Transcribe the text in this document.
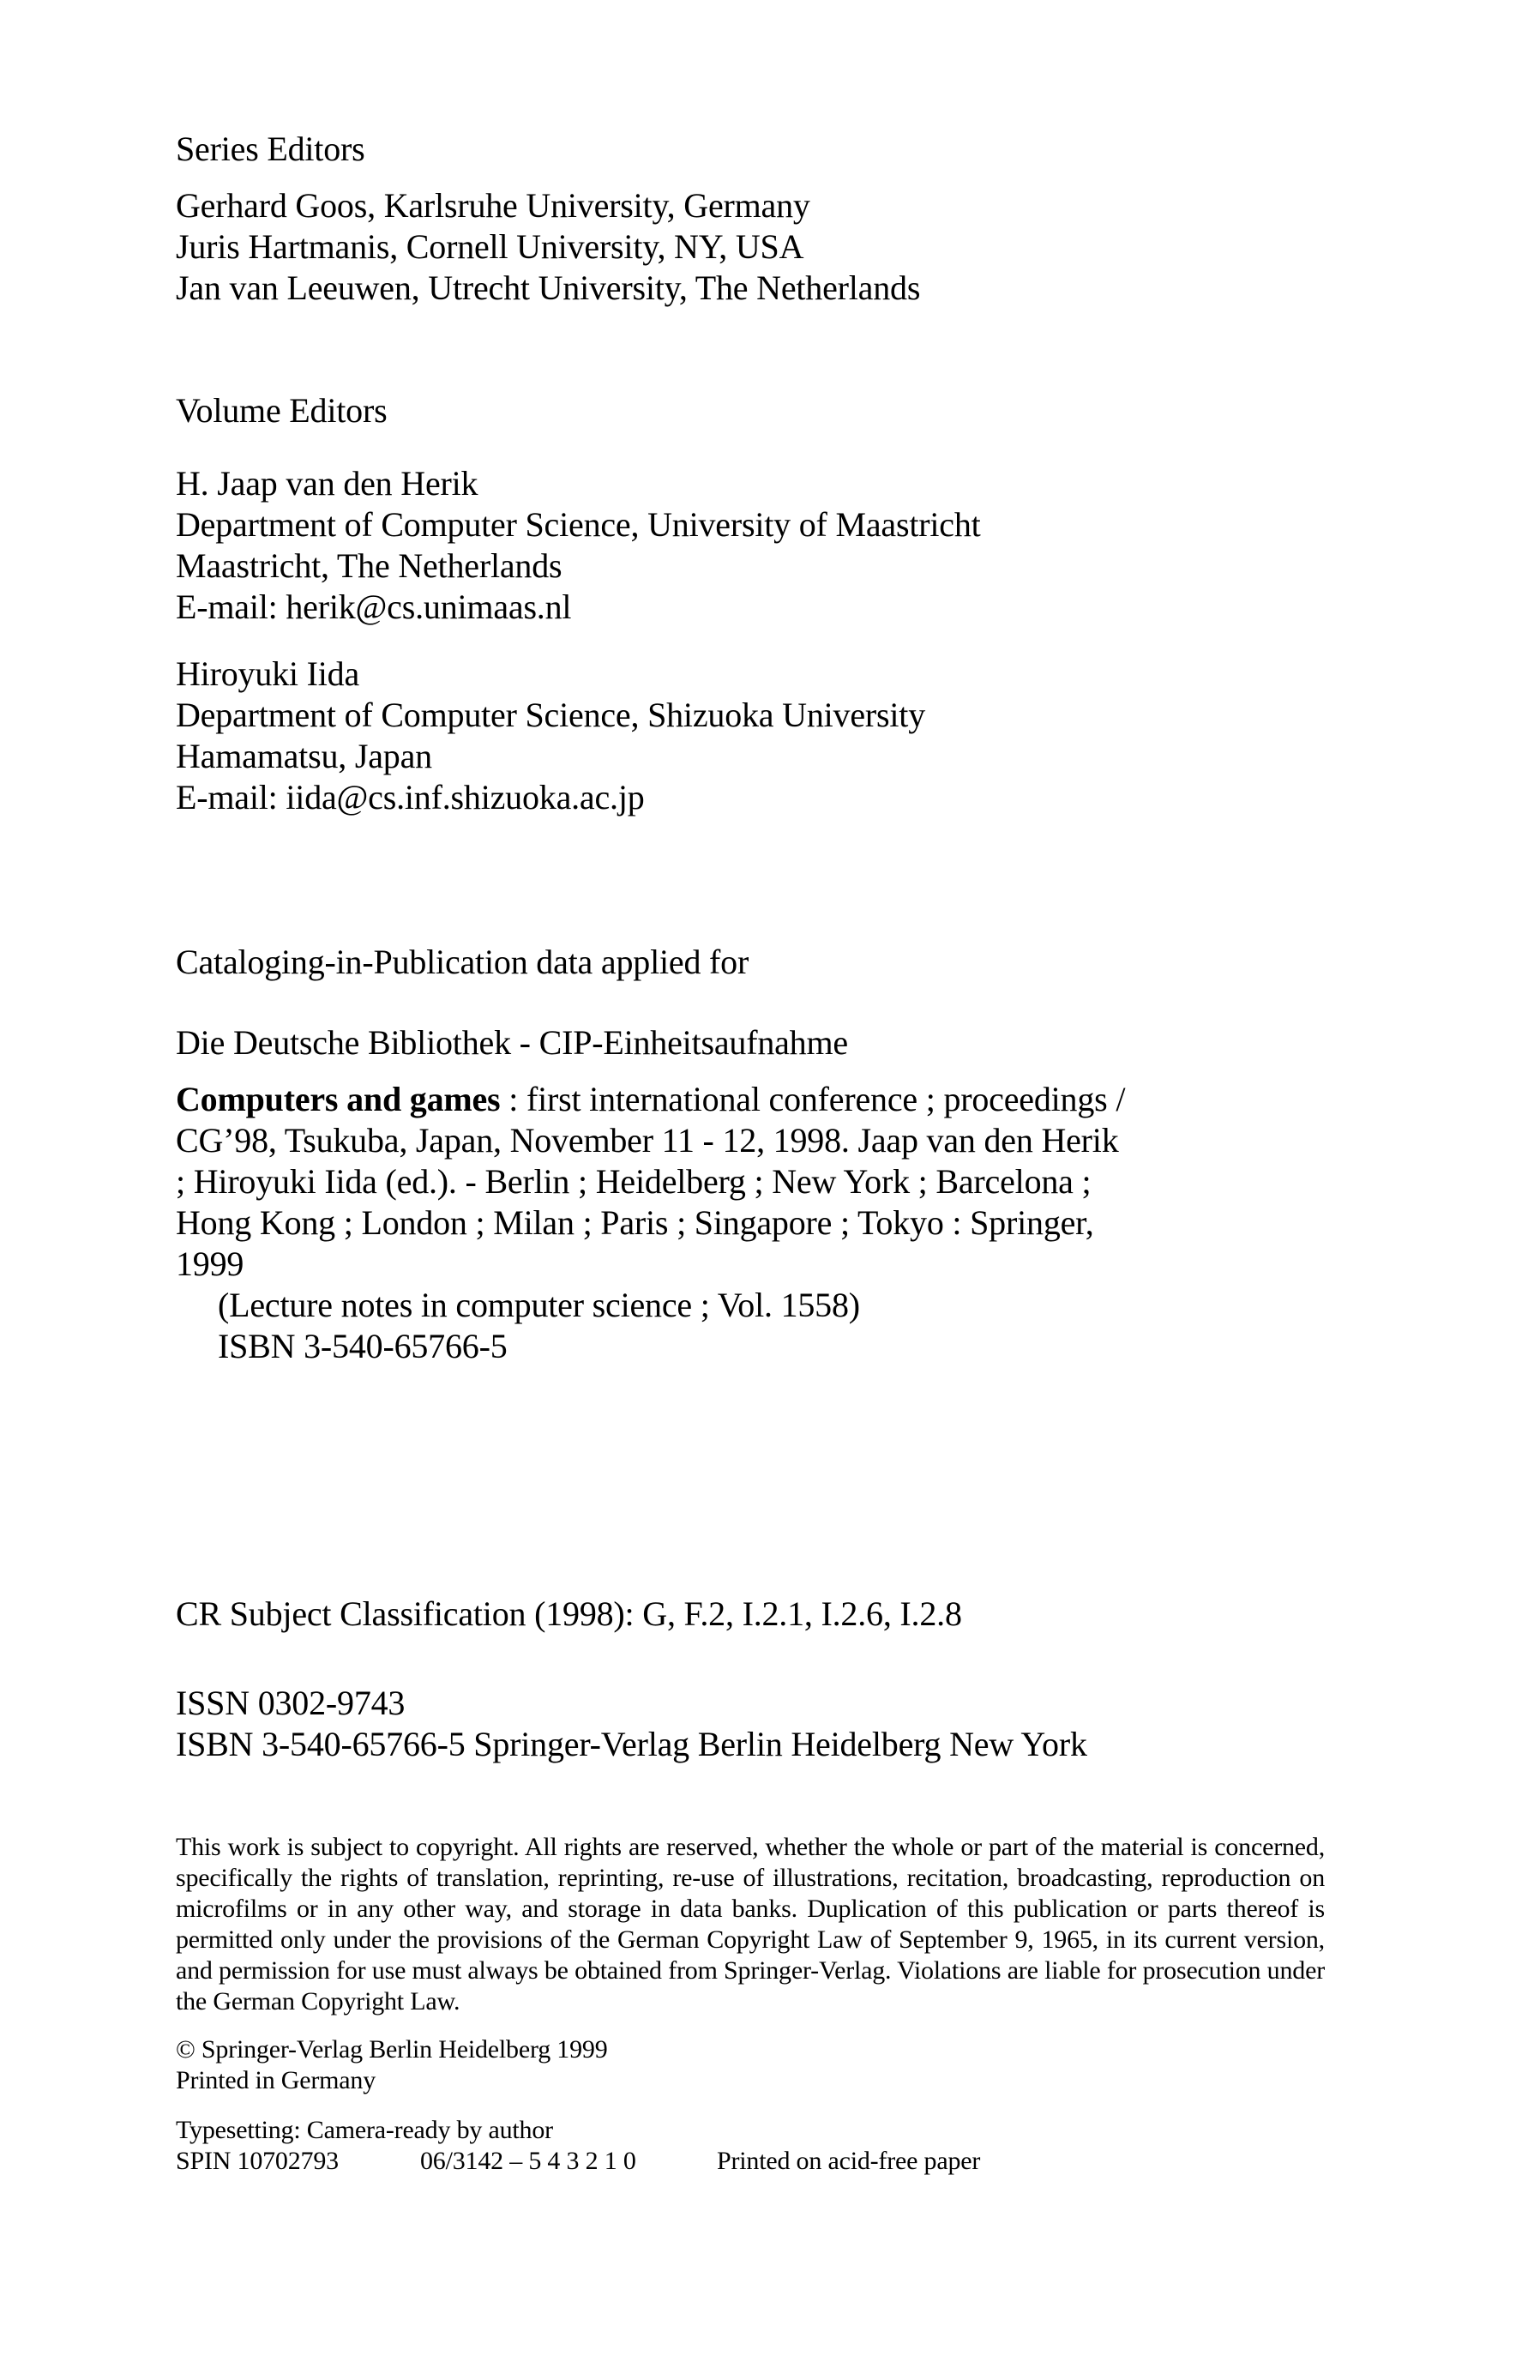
Series Editors
Gerhard Goos, Karlsruhe University, Germany
Juris Hartmanis, Cornell University, NY, USA
Jan van Leeuwen, Utrecht University, The Netherlands
Volume Editors
H. Jaap van den Herik
Department of Computer Science, University of Maastricht
Maastricht, The Netherlands
E-mail: herik@cs.unimaas.nl
Hiroyuki Iida
Department of Computer Science, Shizuoka University
Hamamatsu, Japan
E-mail: iida@cs.inf.shizuoka.ac.jp
Cataloging-in-Publication data applied for
Die Deutsche Bibliothek - CIP-Einheitsaufnahme
Computers and games : first international conference ; proceedings /
CG’98, Tsukuba, Japan, November 11 - 12, 1998. Jaap van den Herik
; Hiroyuki Iida (ed.). - Berlin ; Heidelberg ; New York ; Barcelona ;
Hong Kong ; London ; Milan ; Paris ; Singapore ; Tokyo : Springer,
1999
(Lecture notes in computer science ; Vol. 1558)
ISBN 3-540-65766-5
CR Subject Classification (1998): G, F.2, I.2.1, I.2.6, I.2.8
ISSN 0302-9743
ISBN 3-540-65766-5 Springer-Verlag Berlin Heidelberg New York
This work is subject to copyright. All rights are reserved, whether the whole or part of the material is concerned, specifically the rights of translation, reprinting, re-use of illustrations, recitation, broadcasting, reproduction on microfilms or in any other way, and storage in data banks. Duplication of this publication or parts thereof is permitted only under the provisions of the German Copyright Law of September 9, 1965, in its current version, and permission for use must always be obtained from Springer-Verlag. Violations are liable for prosecution under the German Copyright Law.
© Springer-Verlag Berlin Heidelberg 1999
Printed in Germany
Typesetting: Camera-ready by author
SPIN 10702793	06/3142 – 5 4 3 2 1 0	Printed on acid-free paper
